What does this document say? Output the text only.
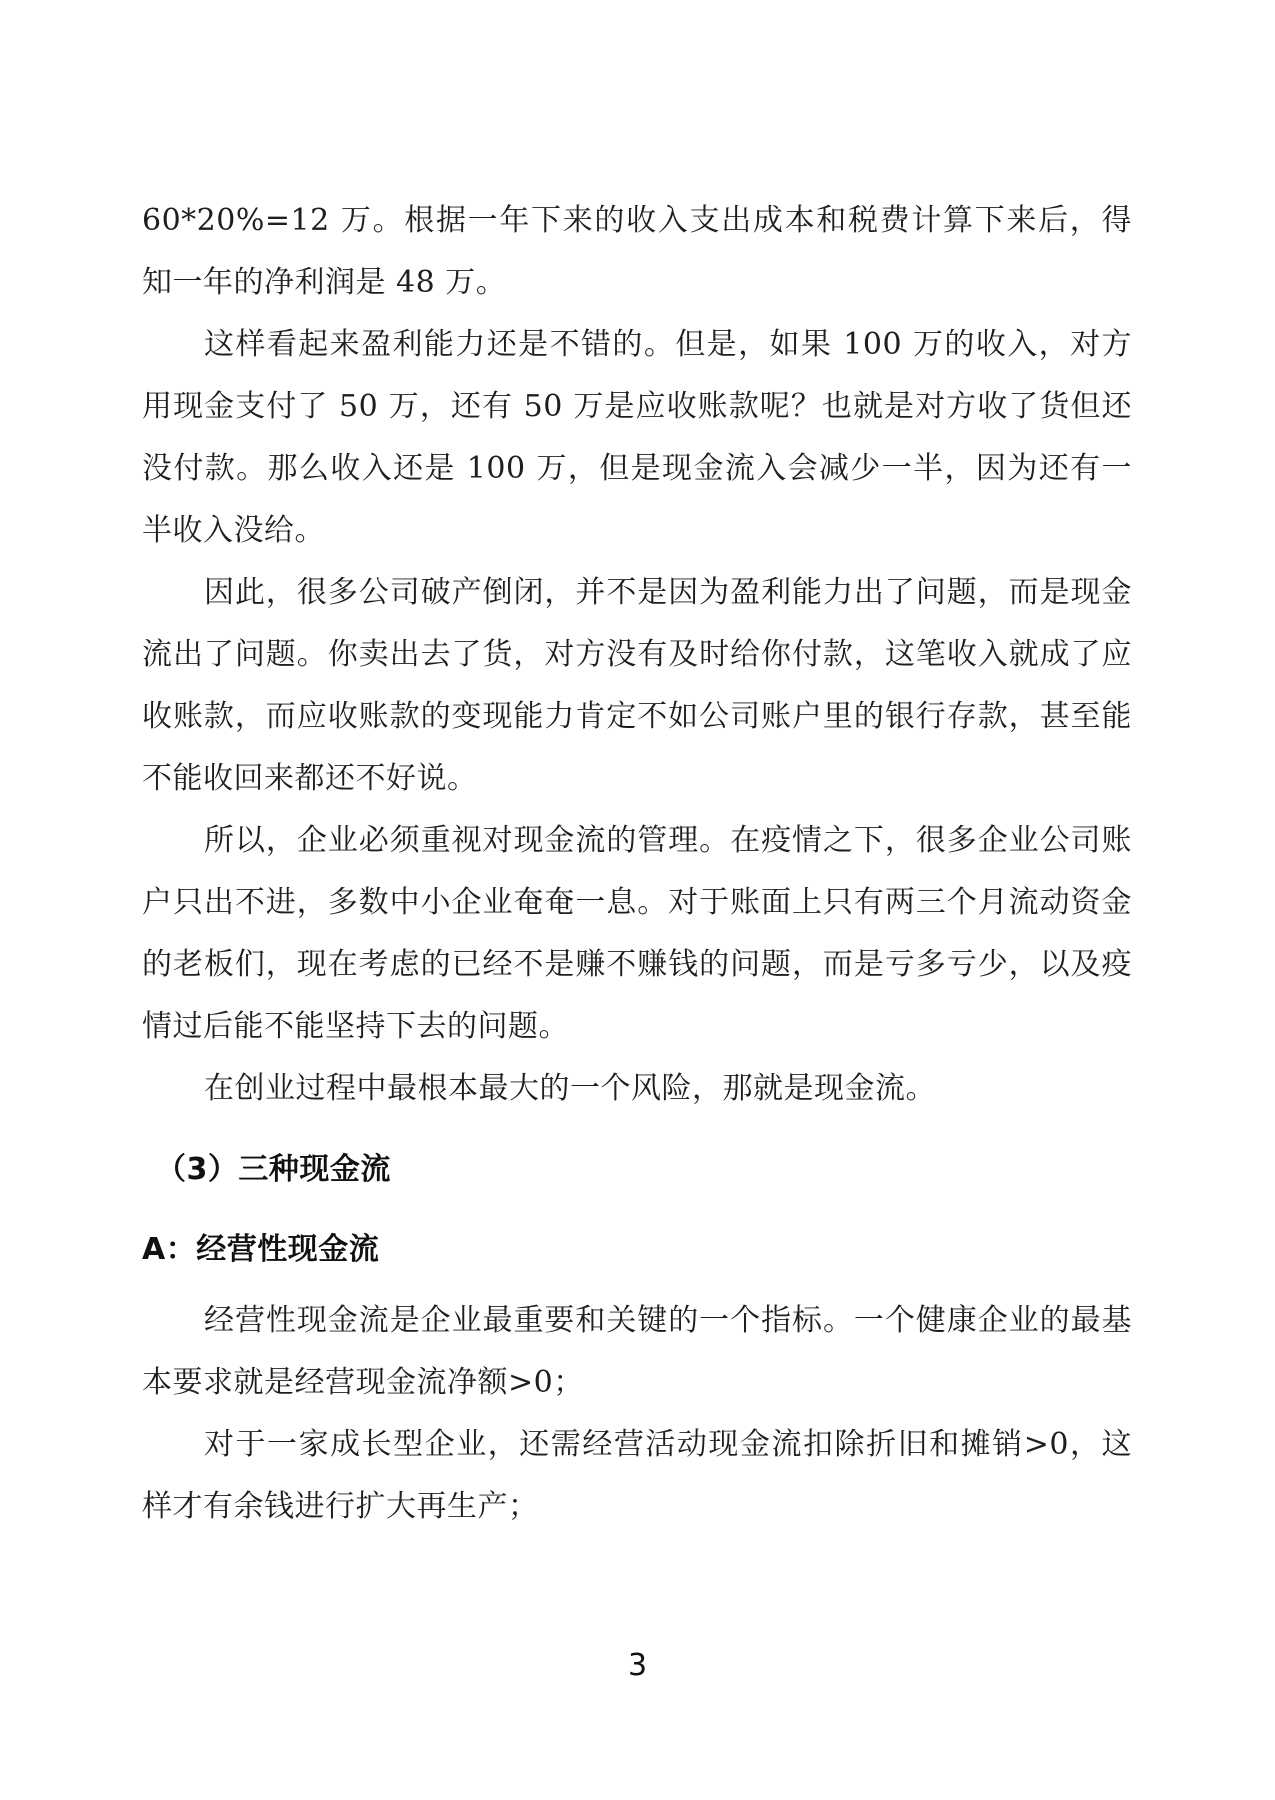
60*20%=12 万。根据一年下来的收入支出成本和税费计算下来后，得知一年的净利润是 48 万。

这样看起来盈利能力还是不错的。但是，如果 100 万的收入，对方用现金支付了 50 万，还有 50 万是应收账款呢？也就是对方收了货但还没付款。那么收入还是 100 万，但是现金流入会减少一半，因为还有一半收入没给。

因此，很多公司破产倒闭，并不是因为盈利能力出了问题，而是现金流出了问题。你卖出去了货，对方没有及时给你付款，这笔收入就成了应收账款，而应收账款的变现能力肯定不如公司账户里的银行存款，甚至能不能收回来都还不好说。

所以，企业必须重视对现金流的管理。在疫情之下，很多企业公司账户只出不进，多数中小企业奄奄一息。对于账面上只有两三个月流动资金的老板们，现在考虑的已经不是赚不赚钱的问题，而是亏多亏少，以及疫情过后能不能坚持下去的问题。

在创业过程中最根本最大的一个风险，那就是现金流。

（3）三种现金流
A：经营性现金流

经营性现金流是企业最重要和关键的一个指标。一个健康企业的最基本要求就是经营现金流净额>0；

对于一家成长型企业，还需经营活动现金流扣除折旧和摊销>0，这样才有余钱进行扩大再生产；

3
